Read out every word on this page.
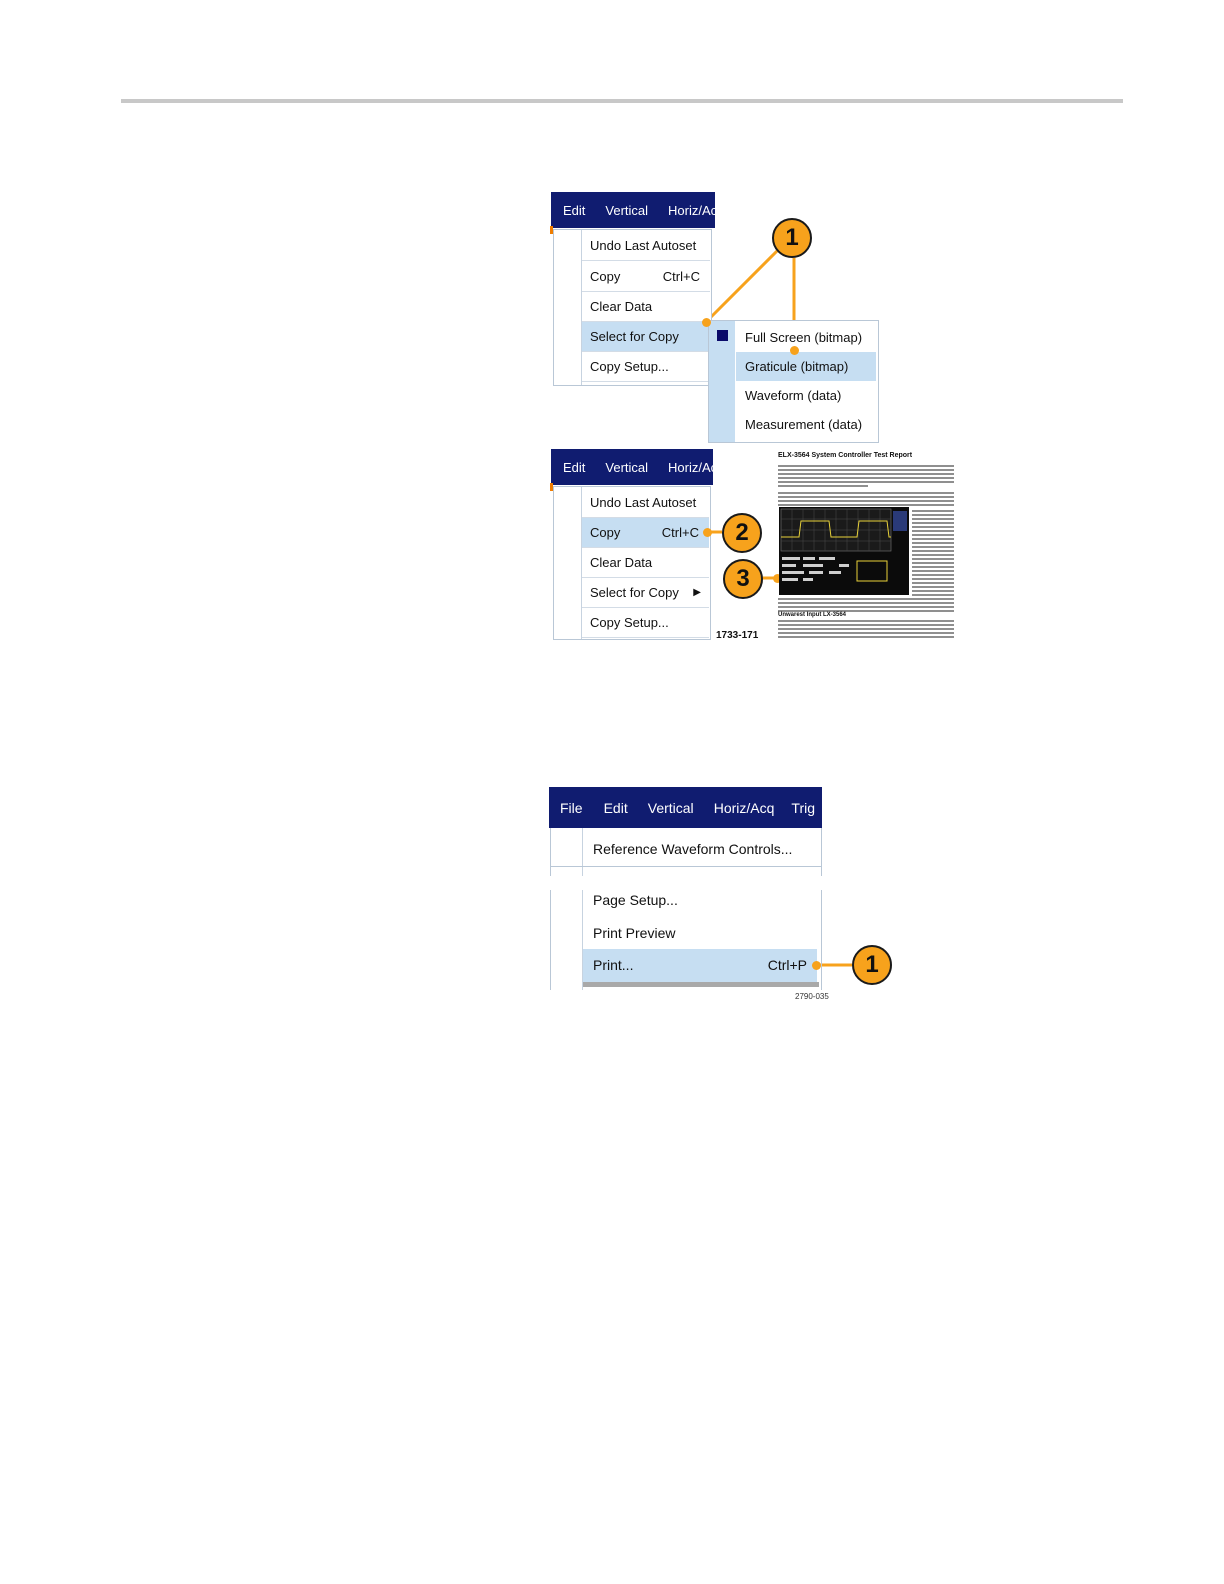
Edit	Vertical	Horiz/Acq
Undo Last Autoset
Copy	Ctrl+C
Clear Data
Select for Copy
Copy Setup...
Full Screen (bitmap)
Graticule (bitmap)
Waveform (data)
Measurement (data)
1
Edit	Vertical	Horiz/Acq
Undo Last Autoset
Copy	Ctrl+C
Clear Data
Select for Copy ▶
Copy Setup...
2
3
1733-171
ELX-3564 System Controller Test Report
Unwarest Input LX-3564
File	Edit	Vertical	Horiz/Acq	Trig
Reference Waveform Controls...
Page Setup...
Print Preview
Print...	Ctrl+P	1
2790-035
